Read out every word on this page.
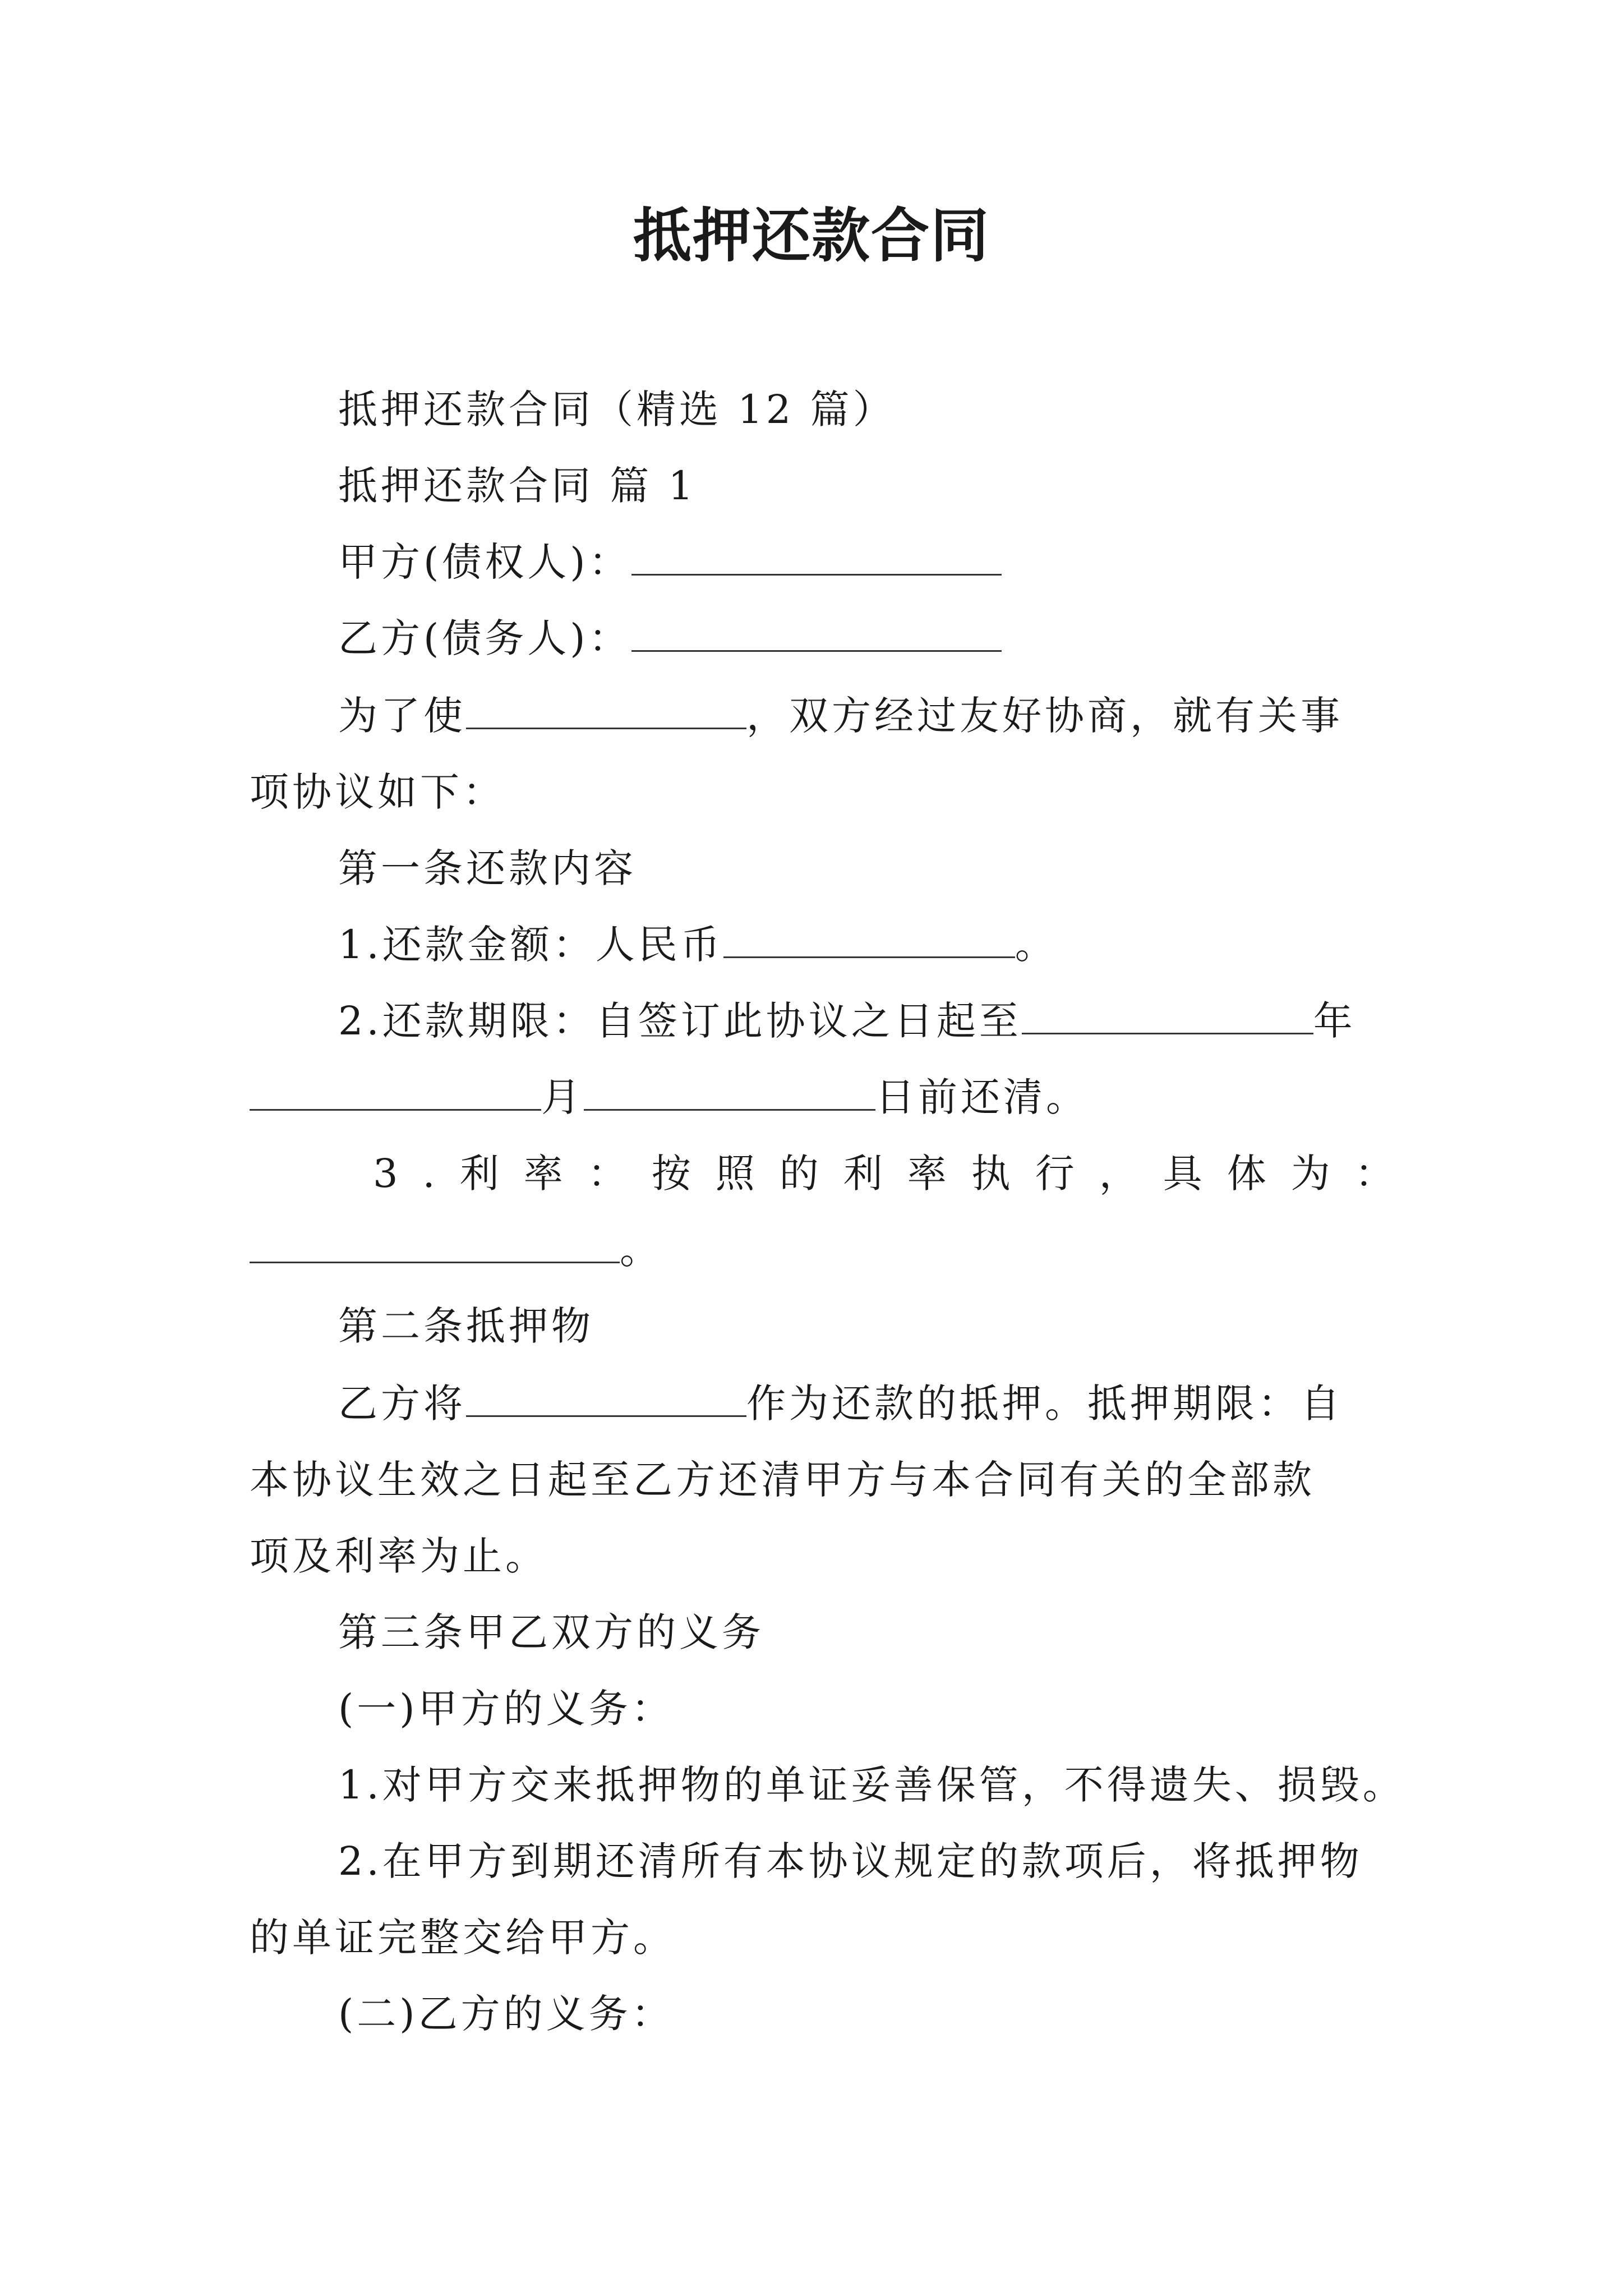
抵押还款合同
抵押还款合同（精选 12 篇）
抵押还款合同 篇 1
甲方(债权人)：
乙方(债务人)：
为了使	，双方经过友好协商，就有关事
项协议如下：
第一条还款内容
1.还款金额：人民币	。
2.还款期限：自签订此协议之日起至	年
月	日前还清。
3.利率：按照的利率执行，具体为：
。
第二条抵押物
乙方将	作为还款的抵押。抵押期限：自
本协议生效之日起至乙方还清甲方与本合同有关的全部款
项及利率为止。
第三条甲乙双方的义务
(一)甲方的义务：
1.对甲方交来抵押物的单证妥善保管，不得遗失、损毁。
2.在甲方到期还清所有本协议规定的款项后，将抵押物
的单证完整交给甲方。
(二)乙方的义务：
